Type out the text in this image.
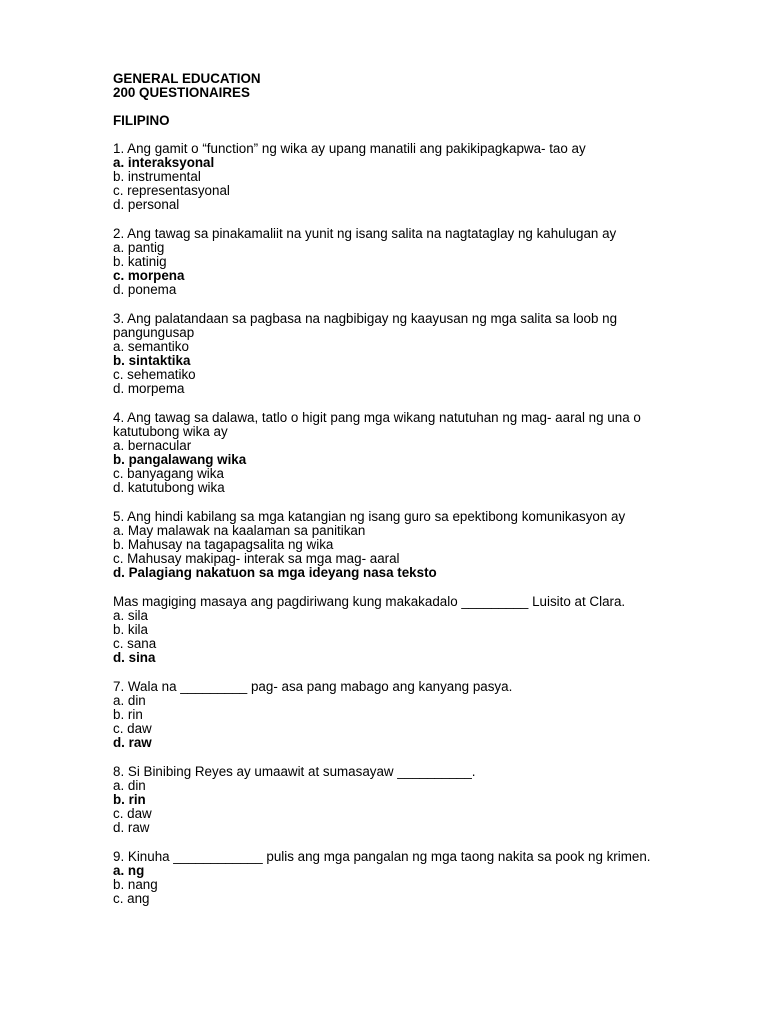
GENERAL EDUCATION
200 QUESTIONAIRES
FILIPINO
1. Ang gamit o “function” ng wika ay upang manatili ang pakikipagkapwa- tao ay
a. interaksyonal
b. instrumental
c. representasyonal
d. personal
2. Ang tawag sa pinakamaliit na yunit ng isang salita na nagtataglay ng kahulugan ay
a. pantig
b. katinig
c. morpena
d. ponema
3. Ang palatandaan sa pagbasa na nagbibigay ng kaayusan ng mga salita sa loob ng pangungusap
a. semantiko
b. sintaktika
c. sehematiko
d. morpema
4. Ang tawag sa dalawa, tatlo o higit pang mga wikang natutuhan ng mag- aaral ng una o katutubong wika ay
a. bernacular
b. pangalawang wika
c. banyagang wika
d. katutubong wika
5. Ang hindi kabilang sa mga katangian ng isang guro sa epektibong komunikasyon ay
a. May malawak na kaalaman sa panitikan
b. Mahusay na tagapagsalita ng wika
c. Mahusay makipag- interak sa mga mag- aaral
d. Palagiang nakatuon sa mga ideyang nasa teksto
Mas magiging masaya ang pagdiriwang kung makakadalo _________ Luisito at Clara.
a. sila
b. kila
c. sana
d. sina
7. Wala na _________ pag- asa pang mabago ang kanyang pasya.
a. din
b. rin
c. daw
d. raw
8. Si Binibing Reyes ay umaawit at sumasayaw __________.
a. din
b. rin
c. daw
d. raw
9. Kinuha ____________ pulis ang mga pangalan ng mga taong nakita sa pook ng krimen.
a. ng
b. nang
c. ang
